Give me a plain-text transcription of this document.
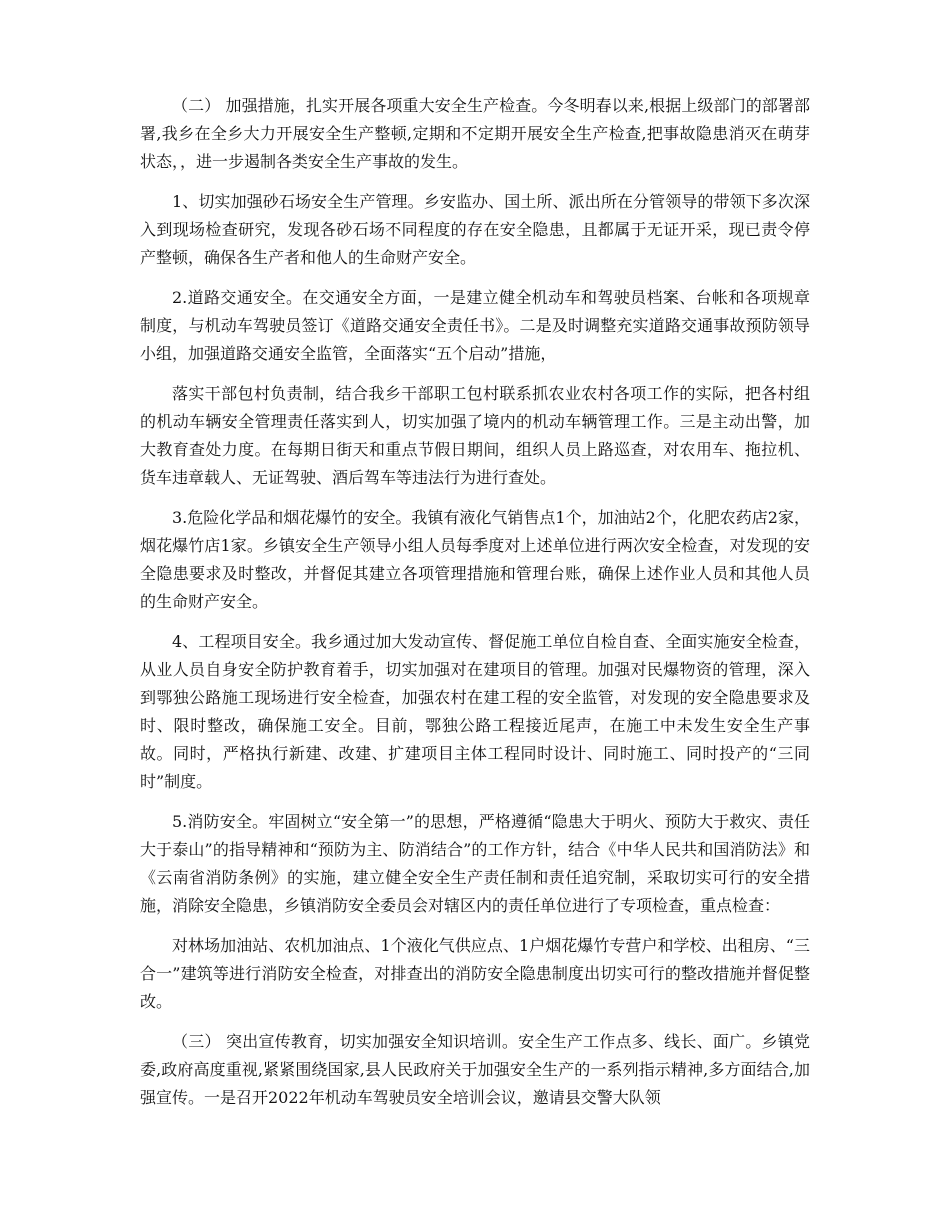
（二） 加强措施，扎实开展各项重大安全生产检查。今冬明春以来,根据上级部门的部署部署,我乡在全乡大力开展安全生产整顿,定期和不定期开展安全生产检查,把事故隐患消灭在萌芽状态，，进一步遏制各类安全生产事故的发生。

1、切实加强砂石场安全生产管理。乡安监办、国土所、派出所在分管领导的带领下多次深入到现场检查研究，发现各砂石场不同程度的存在安全隐患，且都属于无证开采，现已责令停产整顿，确保各生产者和他人的生命财产安全。

2.道路交通安全。在交通安全方面，一是建立健全机动车和驾驶员档案、台帐和各项规章制度，与机动车驾驶员签订《道路交通安全责任书》。二是及时调整充实道路交通事故预防领导小组，加强道路交通安全监管，全面落实“五个启动”措施，

落实干部包村负责制，结合我乡干部职工包村联系抓农业农村各项工作的实际，把各村组的机动车辆安全管理责任落实到人，切实加强了境内的机动车辆管理工作。三是主动出警，加大教育查处力度。在每期日街天和重点节假日期间，组织人员上路巡查，对农用车、拖拉机、货车违章载人、无证驾驶、酒后驾车等违法行为进行查处。

3.危险化学品和烟花爆竹的安全。我镇有液化气销售点1个，加油站2个，化肥农药店2家，烟花爆竹店1家。乡镇安全生产领导小组人员每季度对上述单位进行两次安全检查，对发现的安全隐患要求及时整改，并督促其建立各项管理措施和管理台账，确保上述作业人员和其他人员的生命财产安全。

4、工程项目安全。我乡通过加大发动宣传、督促施工单位自检自查、全面实施安全检查，从业人员自身安全防护教育着手，切实加强对在建项目的管理。加强对民爆物资的管理，深入到鄂独公路施工现场进行安全检查，加强农村在建工程的安全监管，对发现的安全隐患要求及时、限时整改，确保施工安全。目前，鄂独公路工程接近尾声，在施工中未发生安全生产事故。同时，严格执行新建、改建、扩建项目主体工程同时设计、同时施工、同时投产的“三同时”制度。

5.消防安全。牢固树立“安全第一”的思想，严格遵循“隐患大于明火、预防大于救灾、责任大于泰山”的指导精神和“预防为主、防消结合”的工作方针，结合《中华人民共和国消防法》和《云南省消防条例》的实施，建立健全安全生产责任制和责任追究制，采取切实可行的安全措施，消除安全隐患，乡镇消防安全委员会对辖区内的责任单位进行了专项检查，重点检查：

对林场加油站、农机加油点、1个液化气供应点、1户烟花爆竹专营户和学校、出租房、“三合一”建筑等进行消防安全检查，对排查出的消防安全隐患制度出切实可行的整改措施并督促整改。

（三） 突出宣传教育，切实加强安全知识培训。安全生产工作点多、线长、面广。乡镇党委,政府高度重视,紧紧围绕国家,县人民政府关于加强安全生产的一系列指示精神,多方面结合,加强宣传。一是召开2022年机动车驾驶员安全培训会议，邀请县交警大队领
